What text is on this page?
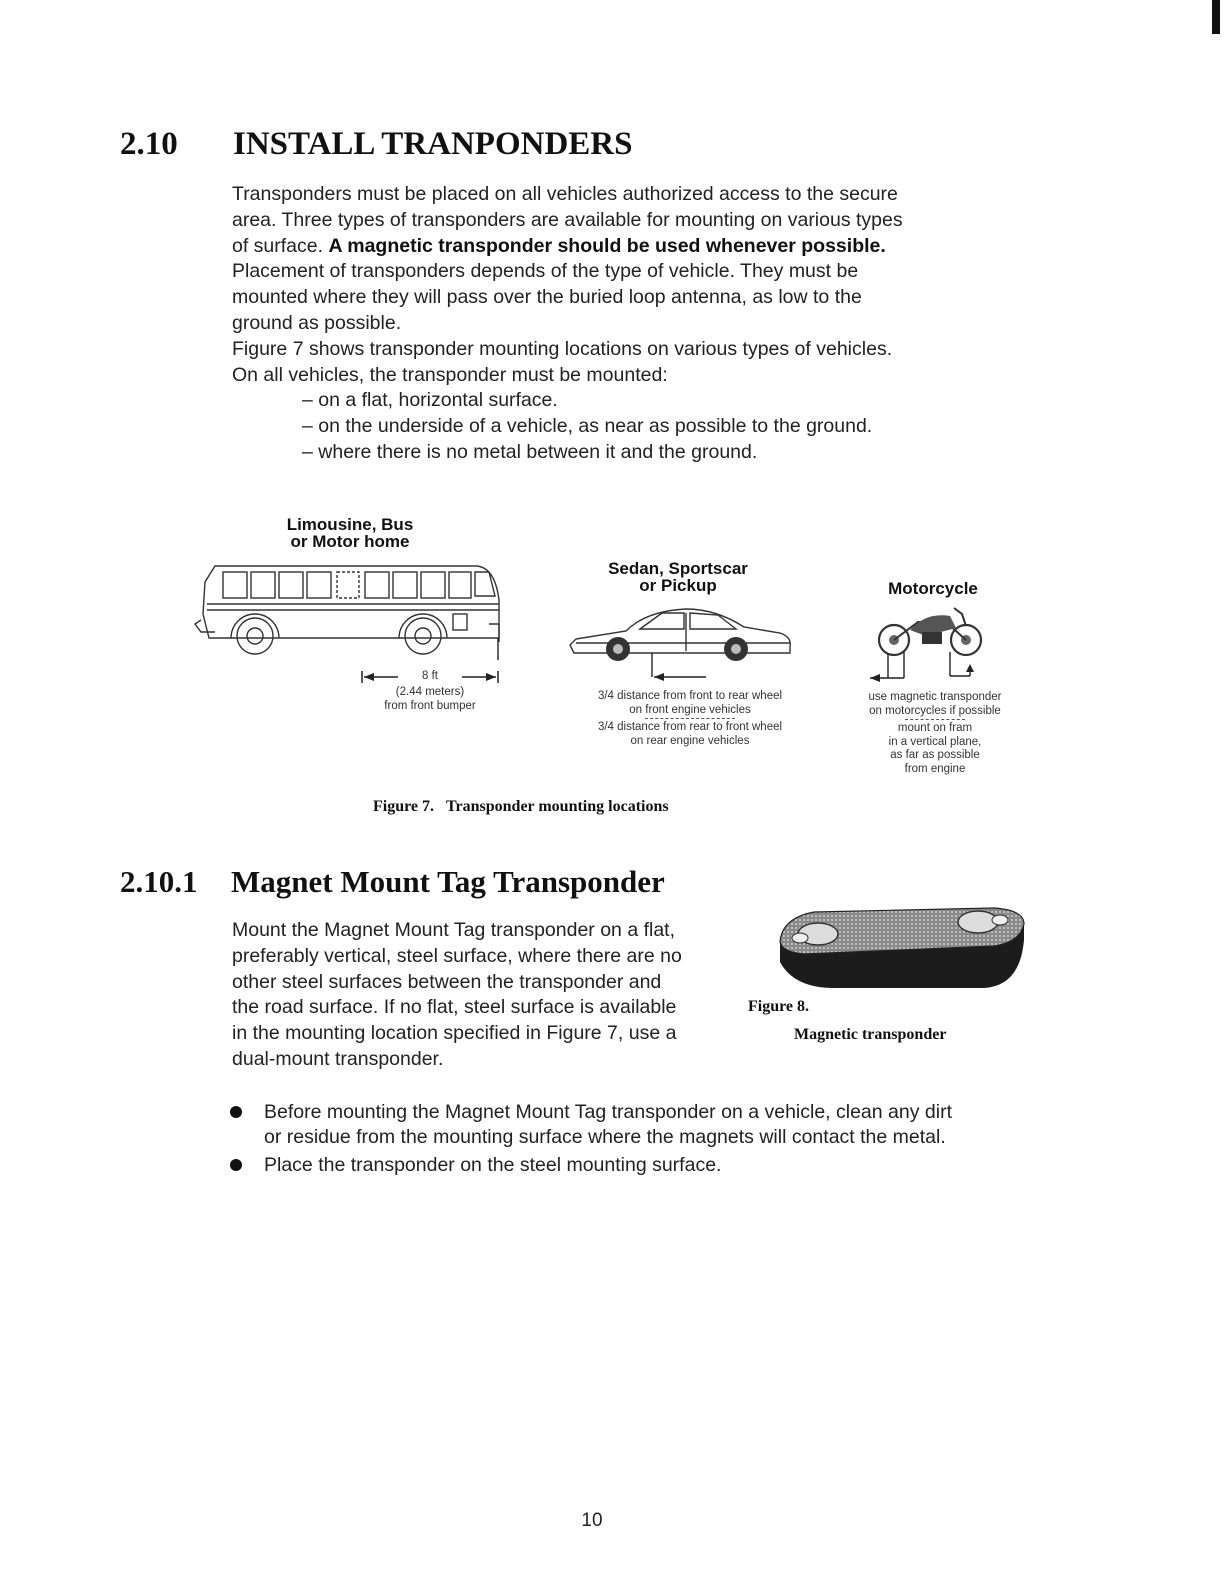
2.10 INSTALL TRANPONDERS

Transponders must be placed on all vehicles authorized access to the secure

area. Three types of transponders are available for mounting on various types

of surface. A magnetic transponder should be used whenever possible.

Placement of transponders depends of the type of vehicle. They must be

mounted where they will pass over the buried loop antenna, as low to the

ground as possible.

Figure 7 shows transponder mounting locations on various types of vehicles.

On all vehicles, the transponder must be mounted:

– on a flat, horizontal surface.

– on the underside of a vehicle, as near as possible to the ground.

– where there is no metal between it and the ground.

Limousine, Bus
or Motor home
8 ft
(2.44 meters)
from front bumper
Sedan, Sportscar
or Pickup
3/4 distance from front to rear wheel
on front engine vehicles
3/4 distance from rear to front wheel
on rear engine vehicles
Motorcycle
use magnetic transponder
on motorcycles if possible
mount on fram
in a vertical plane,
as far as possible
from engine
Figure 7. Transponder mounting locations
2.10.1 Magnet Mount Tag Transponder

Mount the Magnet Mount Tag transponder on a flat,

preferably vertical, steel surface, where there are no

other steel surfaces between the transponder and

the road surface. If no flat, steel surface is available

in the mounting location specified in Figure 7, use a

dual-mount transponder.

Figure 8.
Magnetic transponder
Before mounting the Magnet Mount Tag transponder on a vehicle, clean any dirt
or residue from the mounting surface where the magnets will contact the metal.
Place the transponder on the steel mounting surface.
10
